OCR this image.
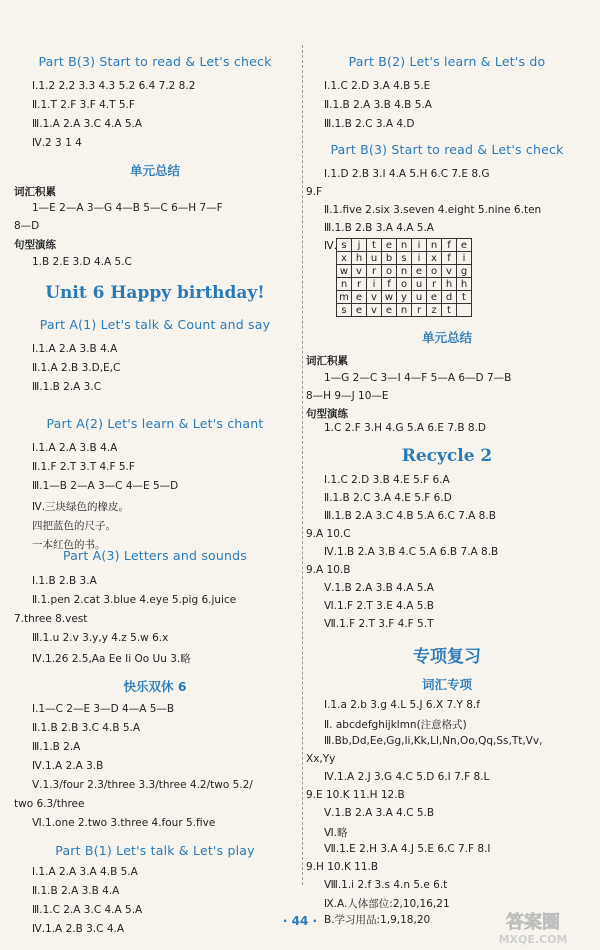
Part B(3) Start to read & Let's check
Ⅰ.1.2 2.2 3.3 4.3 5.2 6.4 7.2 8.2
Ⅱ.1.T 2.F 3.F 4.T 5.F
Ⅲ.1.A 2.A 3.C 4.A 5.A
Ⅳ.2 3 1 4
单元总结
词汇积累
1—E 2—A 3—G 4—B 5—C 6—H 7—F
8—D
句型演练
1.B 2.E 3.D 4.A 5.C
Unit 6 Happy birthday!
Part A(1) Let's talk & Count and say
Ⅰ.1.A 2.A 3.B 4.A
Ⅱ.1.A 2.B 3.D,E,C
Ⅲ.1.B 2.A 3.C
Part A(2) Let's learn & Let's chant
Ⅰ.1.A 2.A 3.B 4.A
Ⅱ.1.F 2.T 3.T 4.F 5.F
Ⅲ.1—B 2—A 3—C 4—E 5—D
Ⅳ.三块绿色的橡皮。
四把蓝色的尺子。
一本红色的书。
Part A(3) Letters and sounds
Ⅰ.1.B 2.B 3.A
Ⅱ.1.pen 2.cat 3.blue 4.eye 5.pig 6.juice
7.three 8.vest
Ⅲ.1.u 2.v 3.y,y 4.z 5.w 6.x
Ⅳ.1.26 2.5,Aa Ee Ii Oo Uu 3.略
快乐双休 6
Ⅰ.1—C 2—E 3—D 4—A 5—B
Ⅱ.1.B 2.B 3.C 4.B 5.A
Ⅲ.1.B 2.A
Ⅳ.1.A 2.A 3.B
Ⅴ.1.3/four 2.3/three 3.3/three 4.2/two 5.2/
two 6.3/three
Ⅵ.1.one 2.two 3.three 4.four 5.five
Part B(1) Let's talk & Let's play
Ⅰ.1.A 2.A 3.A 4.B 5.A
Ⅱ.1.B 2.A 3.B 4.A
Ⅲ.1.C 2.A 3.C 4.A 5.A
Ⅳ.1.A 2.B 3.C 4.A
Part B(2) Let's learn & Let's do
Ⅰ.1.C 2.D 3.A 4.B 5.E
Ⅱ.1.B 2.A 3.B 4.B 5.A
Ⅲ.1.B 2.C 3.A 4.D
Part B(3) Start to read & Let's check
Ⅰ.1.D 2.B 3.I 4.A 5.H 6.C 7.E 8.G
9.F
Ⅱ.1.five 2.six 3.seven 4.eight 5.nine 6.ten
Ⅲ.1.B 2.B 3.A 4.A 5.A
Ⅳ. s	j	t	e	n	i	n	f	e
x	h	u	b	s	i	x	f	i
w	v	r	o	n	e	o	v	g
n	r	i	f	o	u	r	h	h
m	e	v	w	y	u	e	d	t
s	e	v	e	n	r	z	t	
单元总结
词汇积累
1—G 2—C 3—I 4—F 5—A 6—D 7—B
8—H 9—J 10—E
句型演练
1.C 2.F 3.H 4.G 5.A 6.E 7.B 8.D
Recycle 2
Ⅰ.1.C 2.D 3.B 4.E 5.F 6.A
Ⅱ.1.B 2.C 3.A 4.E 5.F 6.D
Ⅲ.1.B 2.A 3.C 4.B 5.A 6.C 7.A 8.B
9.A 10.C
Ⅳ.1.B 2.A 3.B 4.C 5.A 6.B 7.A 8.B
9.A 10.B
Ⅴ.1.B 2.A 3.B 4.A 5.A
Ⅵ.1.F 2.T 3.E 4.A 5.B
Ⅶ.1.F 2.T 3.F 4.F 5.T
专项复习
词汇专项
Ⅰ.1.a 2.b 3.g 4.L 5.J 6.X 7.Y 8.f
Ⅱ. abcdefghijklmn(注意格式)
Ⅲ.Bb,Dd,Ee,Gg,Ii,Kk,Ll,Nn,Oo,Qq,Ss,Tt,Vv,
Xx,Yy
Ⅳ.1.A 2.J 3.G 4.C 5.D 6.I 7.F 8.L
9.E 10.K 11.H 12.B
Ⅴ.1.B 2.A 3.A 4.C 5.B
Ⅵ.略
Ⅶ.1.E 2.H 3.A 4.J 5.E 6.C 7.F 8.I
9.H 10.K 11.B
Ⅷ.1.i 2.f 3.s 4.n 5.e 6.t
Ⅸ.A.人体部位:2,10,16,21
B.学习用品:1,9,18,20
· 44 ·	答案圈
MXQE.COM
